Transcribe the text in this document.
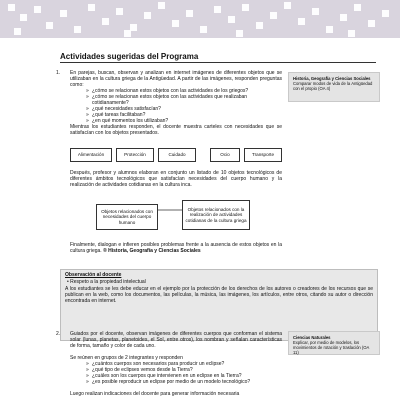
Actividades sugeridas del Programa
1. En parejas, buscan, observan y analizan en internet imágenes de diferentes objetos que se utilizaban en la cultura griega de la Antigüedad. A partir de las imágenes, responden preguntas como:
» ¿cómo se relacionan estos objetos con las actividades de los griegos?
» ¿cómo se relacionan estos objetos con las actividades que realizaban cotidianamente?
» ¿qué necesidades satisfacían?
» ¿qué tareas facilitaban?
» ¿en qué momentos los utilizaban?
Mientras los estudiantes responden, el docente muestra carteles con necesidades que se satisfacían con los objetos presentados.
Alimentación	Protección	Cuidado	Ocio	Transporte
Después, profesor y alumnos elaboran en conjunto un listado de 10 objetos tecnológicos de diferentes ámbitos tecnológicos que satisfacían necesidades del cuerpo humano y la realización de actividades cotidianas en la cultura inca.
Objetos relacionados con necesidades del cuerpo humano
Objetos relacionados con la realización de actividades cotidianas de la cultura griega
Finalmente, dialogan e infieren posibles problemas frente a la ausencia de estos objetos en la cultura griega. ® Historia, Geografía y Ciencias Sociales
Historia, Geografía y Ciencias Sociales
Comparar modos de vida de la Antigüedad con el propio (OA 4)
Observación al docente
• Respeto a la propiedad intelectual
A los estudiantes se les debe educar en el ejemplo por la protección de los derechos de los autores o creadores de los recursos que se publican en la web, como los documentos, las películas, la música, las imágenes, los artículos, entre otros, citando su autor o dirección encontrada en internet.
2. Guiados por el docente, observan imágenes de diferentes cuerpos que conforman el sistema solar (lunas, planetas, planetoides, el Sol, entre otros), los nombran y señalan características de forma, tamaño y color de cada uno.
Se reúnen en grupos de 2 integrantes y responden
» ¿cuántos cuerpos son necesarios para producir un eclipse?
» ¿qué tipo de eclipses vemos desde la Tierra?
» ¿cuáles son los cuerpos que intervienen en un eclipse en la Tierra?
» ¿es posible reproducir un eclipse por medio de un modelo tecnológico?
Luego realizan indicaciones del docente para generar información necesaria
Ciencias Naturales
Explicar, por medio de modelos, los movimientos de rotación y traslación (OA 11)
